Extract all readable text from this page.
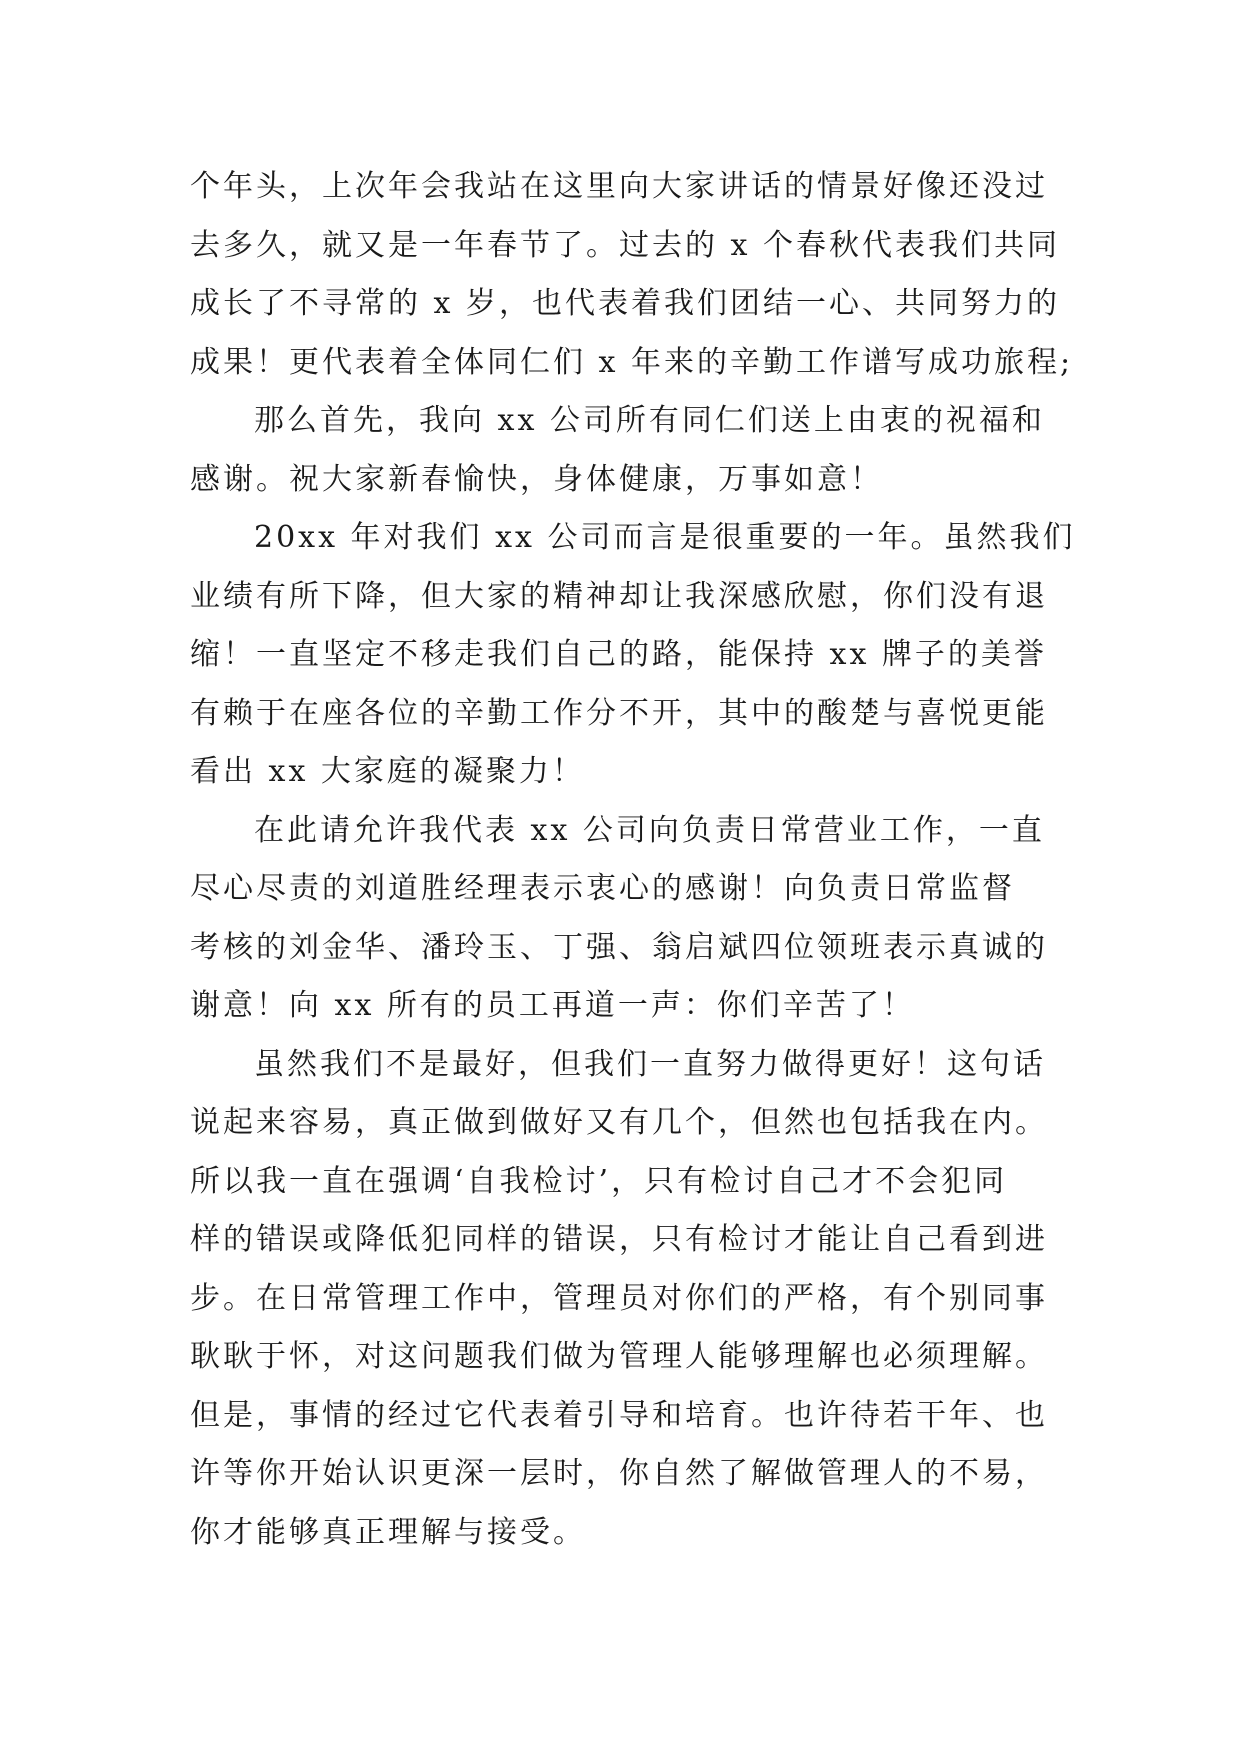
个年头，上次年会我站在这里向大家讲话的情景好像还没过
去多久，就又是一年春节了。过去的 x 个春秋代表我们共同
成长了不寻常的 x 岁，也代表着我们团结一心、共同努力的
成果！更代表着全体同仁们 x 年来的辛勤工作谱写成功旅程;
那么首先，我向 xx 公司所有同仁们送上由衷的祝福和
感谢。祝大家新春愉快，身体健康，万事如意！
20xx 年对我们 xx 公司而言是很重要的一年。虽然我们
业绩有所下降，但大家的精神却让我深感欣慰，你们没有退
缩！一直坚定不移走我们自己的路，能保持 xx 牌子的美誉
有赖于在座各位的辛勤工作分不开，其中的酸楚与喜悦更能
看出 xx 大家庭的凝聚力！
在此请允许我代表 xx 公司向负责日常营业工作，一直
尽心尽责的刘道胜经理表示衷心的感谢！向负责日常监督
考核的刘金华、潘玲玉、丁强、翁启斌四位领班表示真诚的
谢意！向 xx 所有的员工再道一声：你们辛苦了！
虽然我们不是最好，但我们一直努力做得更好！这句话
说起来容易，真正做到做好又有几个，但然也包括我在内。
所以我一直在强调‘自我检讨’，只有检讨自己才不会犯同
样的错误或降低犯同样的错误，只有检讨才能让自己看到进
步。在日常管理工作中，管理员对你们的严格，有个别同事
耿耿于怀，对这问题我们做为管理人能够理解也必须理解。
但是，事情的经过它代表着引导和培育。也许待若干年、也
许等你开始认识更深一层时，你自然了解做管理人的不易，
你才能够真正理解与接受。
